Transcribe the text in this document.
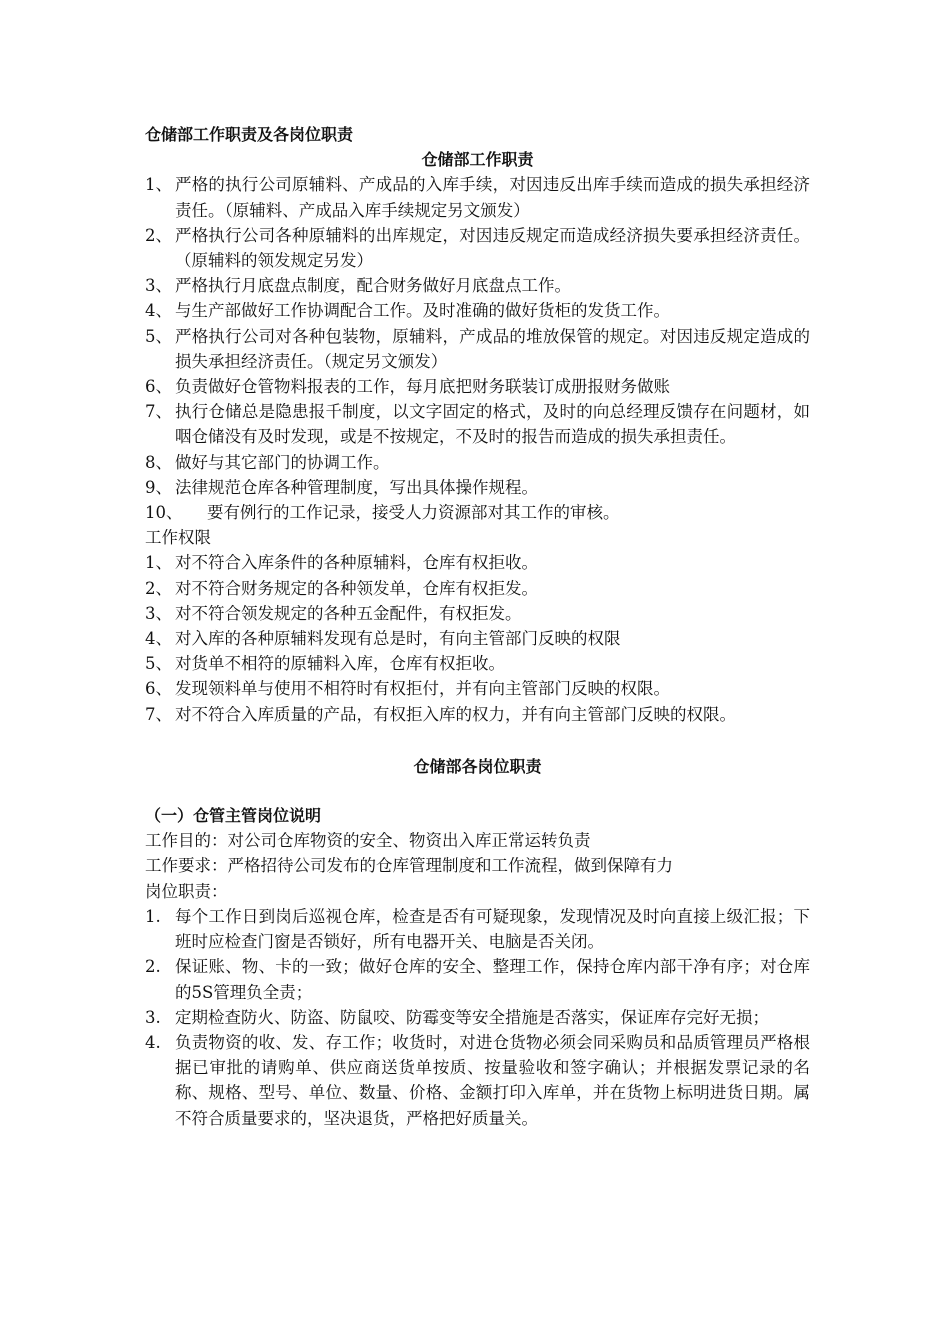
仓储部工作职责及各岗位职责
仓储部工作职责
1、 严格的执行公司原辅料、产成品的入库手续，对因违反出库手续而造成的损失承担经济责任。（原辅料、产成品入库手续规定另文颁发）
2、 严格执行公司各种原辅料的出库规定，对因违反规定而造成经济损失要承担经济责任。（原辅料的领发规定另发）
3、 严格执行月底盘点制度，配合财务做好月底盘点工作。
4、 与生产部做好工作协调配合工作。及时准确的做好货柜的发货工作。
5、 严格执行公司对各种包装物，原辅料，产成品的堆放保管的规定。对因违反规定造成的损失承担经济责任。（规定另文颁发）
6、 负责做好仓管物料报表的工作，每月底把财务联装订成册报财务做账
7、 执行仓储总是隐患报千制度，以文字固定的格式，及时的向总经理反馈存在问题材，如咽仓储没有及时发现，或是不按规定，不及时的报告而造成的损失承担责任。
8、 做好与其它部门的协调工作。
9、 法律规范仓库各种管理制度，写出具体操作规程。
10、	要有例行的工作记录，接受人力资源部对其工作的审核。
工作权限
1、 对不符合入库条件的各种原辅料，仓库有权拒收。
2、 对不符合财务规定的各种领发单，仓库有权拒发。
3、 对不符合领发规定的各种五金配件，有权拒发。
4、 对入库的各种原辅料发现有总是时，有向主管部门反映的权限
5、 对货单不相符的原辅料入库，仓库有权拒收。
6、 发现领料单与使用不相符时有权拒付，并有向主管部门反映的权限。
7、 对不符合入库质量的产品，有权拒入库的权力，并有向主管部门反映的权限。
仓储部各岗位职责
（一）仓管主管岗位说明
工作目的：对公司仓库物资的安全、物资出入库正常运转负责
工作要求：严格招待公司发布的仓库管理制度和工作流程，做到保障有力
岗位职责：
1. 每个工作日到岗后巡视仓库，检查是否有可疑现象，发现情况及时向直接上级汇报；下班时应检查门窗是否锁好，所有电器开关、电脑是否关闭。
2. 保证账、物、卡的一致；做好仓库的安全、整理工作，保持仓库内部干净有序；对仓库的5S管理负全责；
3. 定期检查防火、防盗、防鼠咬、防霉变等安全措施是否落实，保证库存完好无损；
4. 负责物资的收、发、存工作；收货时，对进仓货物必须会同采购员和品质管理员严格根据已审批的请购单、供应商送货单按质、按量验收和签字确认；并根据发票记录的名称、规格、型号、单位、数量、价格、金额打印入库单，并在货物上标明进货日期。属不符合质量要求的，坚决退货，严格把好质量关。
